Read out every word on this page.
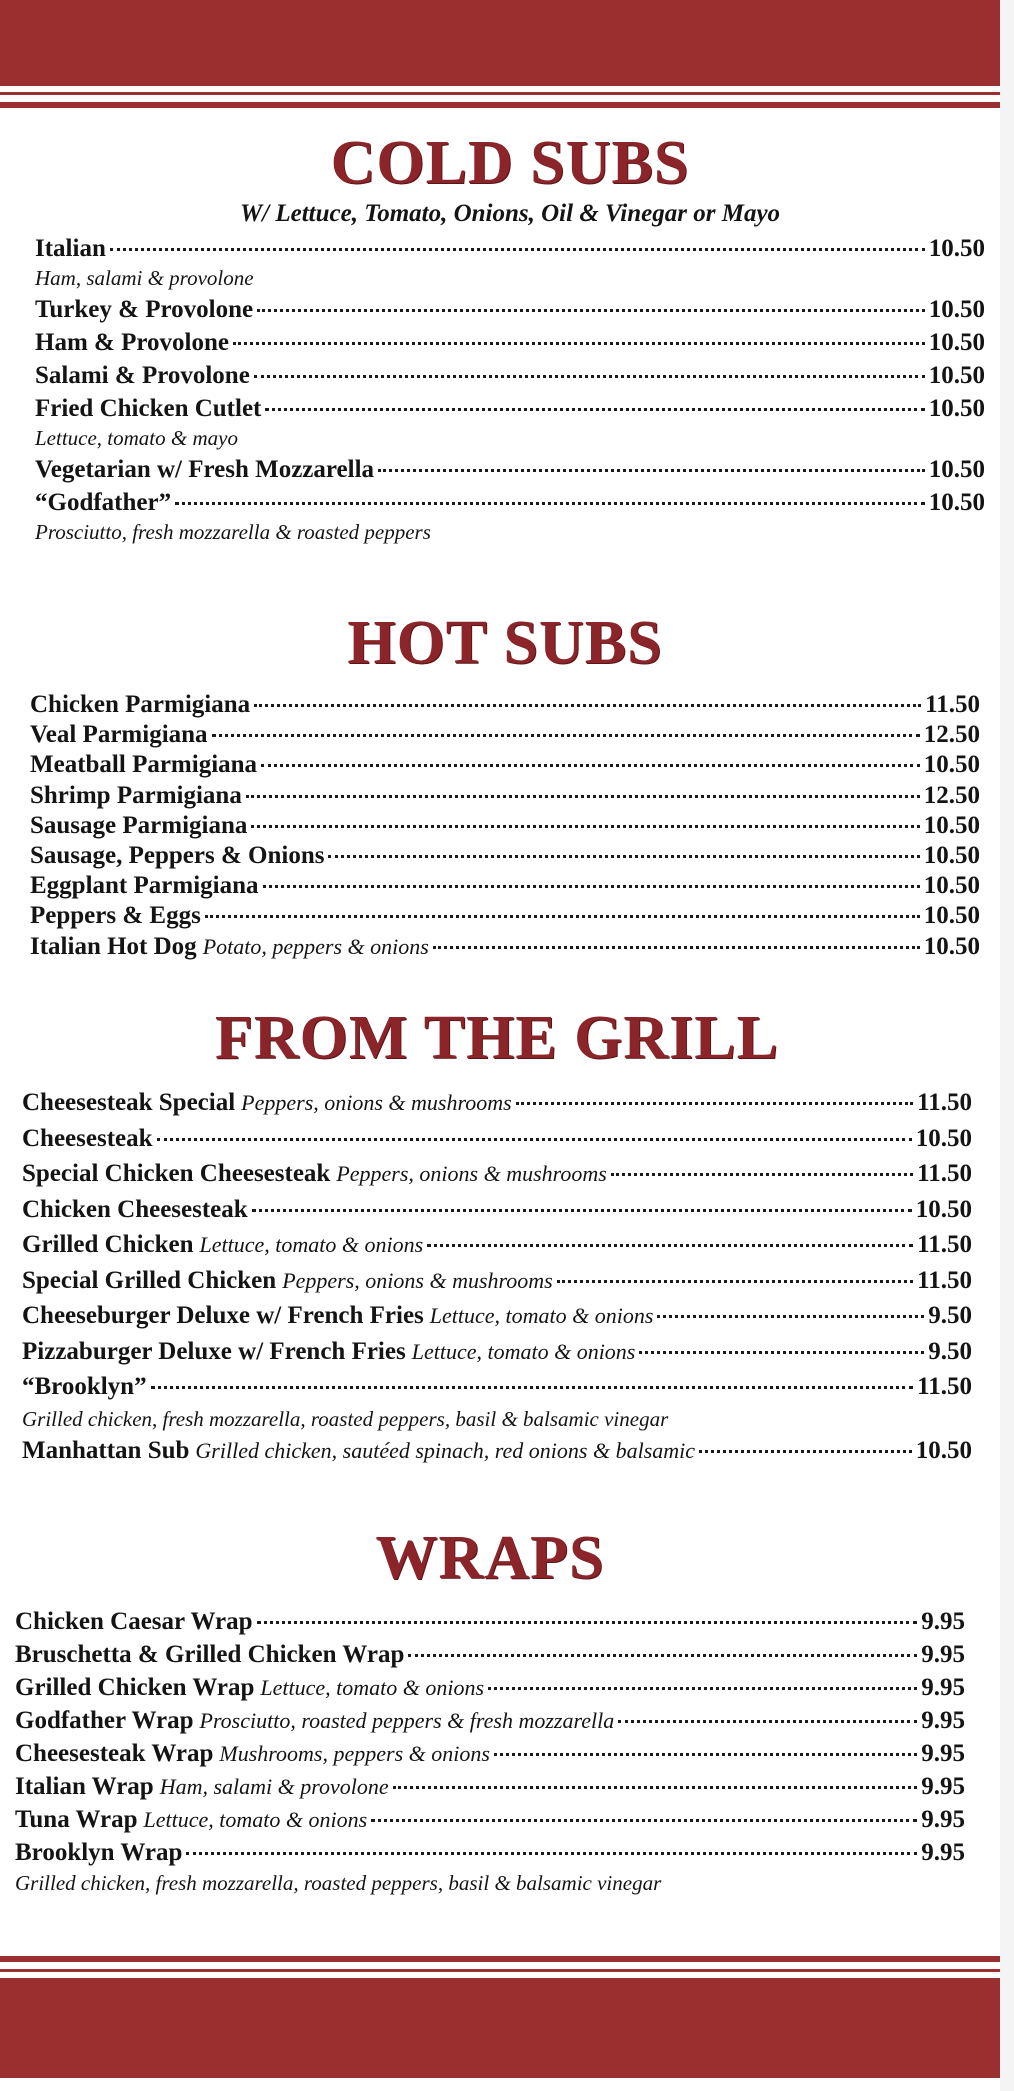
COLD SUBS
W/ Lettuce, Tomato, Onions, Oil & Vinegar or Mayo
Italian	10.50
Ham, salami & provolone
Turkey & Provolone	10.50
Ham & Provolone	10.50
Salami & Provolone	10.50
Fried Chicken Cutlet	10.50
Lettuce, tomato & mayo
Vegetarian w/ Fresh Mozzarella	10.50
“Godfather”	10.50
Prosciutto, fresh mozzarella & roasted peppers
HOT SUBS
Chicken Parmigiana	11.50
Veal Parmigiana	12.50
Meatball Parmigiana	10.50
Shrimp Parmigiana	12.50
Sausage Parmigiana	10.50
Sausage, Peppers & Onions	10.50
Eggplant Parmigiana	10.50
Peppers & Eggs	10.50
Italian Hot Dog Potato, peppers & onions	10.50
FROM THE GRILL
Cheesesteak Special Peppers, onions & mushrooms	11.50
Cheesesteak	10.50
Special Chicken Cheesesteak Peppers, onions & mushrooms	11.50
Chicken Cheesesteak	10.50
Grilled Chicken Lettuce, tomato & onions	11.50
Special Grilled Chicken Peppers, onions & mushrooms	11.50
Cheeseburger Deluxe w/ French Fries Lettuce, tomato & onions	9.50
Pizzaburger Deluxe w/ French Fries Lettuce, tomato & onions	9.50
“Brooklyn”	11.50
Grilled chicken, fresh mozzarella, roasted peppers, basil & balsamic vinegar
Manhattan Sub Grilled chicken, sautéed spinach, red onions & balsamic	10.50
WRAPS
Chicken Caesar Wrap	9.95
Bruschetta & Grilled Chicken Wrap	9.95
Grilled Chicken Wrap Lettuce, tomato & onions	9.95
Godfather Wrap Prosciutto, roasted peppers & fresh mozzarella	9.95
Cheesesteak Wrap Mushrooms, peppers & onions	9.95
Italian Wrap Ham, salami & provolone	9.95
Tuna Wrap Lettuce, tomato & onions	9.95
Brooklyn Wrap	9.95
Grilled chicken, fresh mozzarella, roasted peppers, basil & balsamic vinegar
